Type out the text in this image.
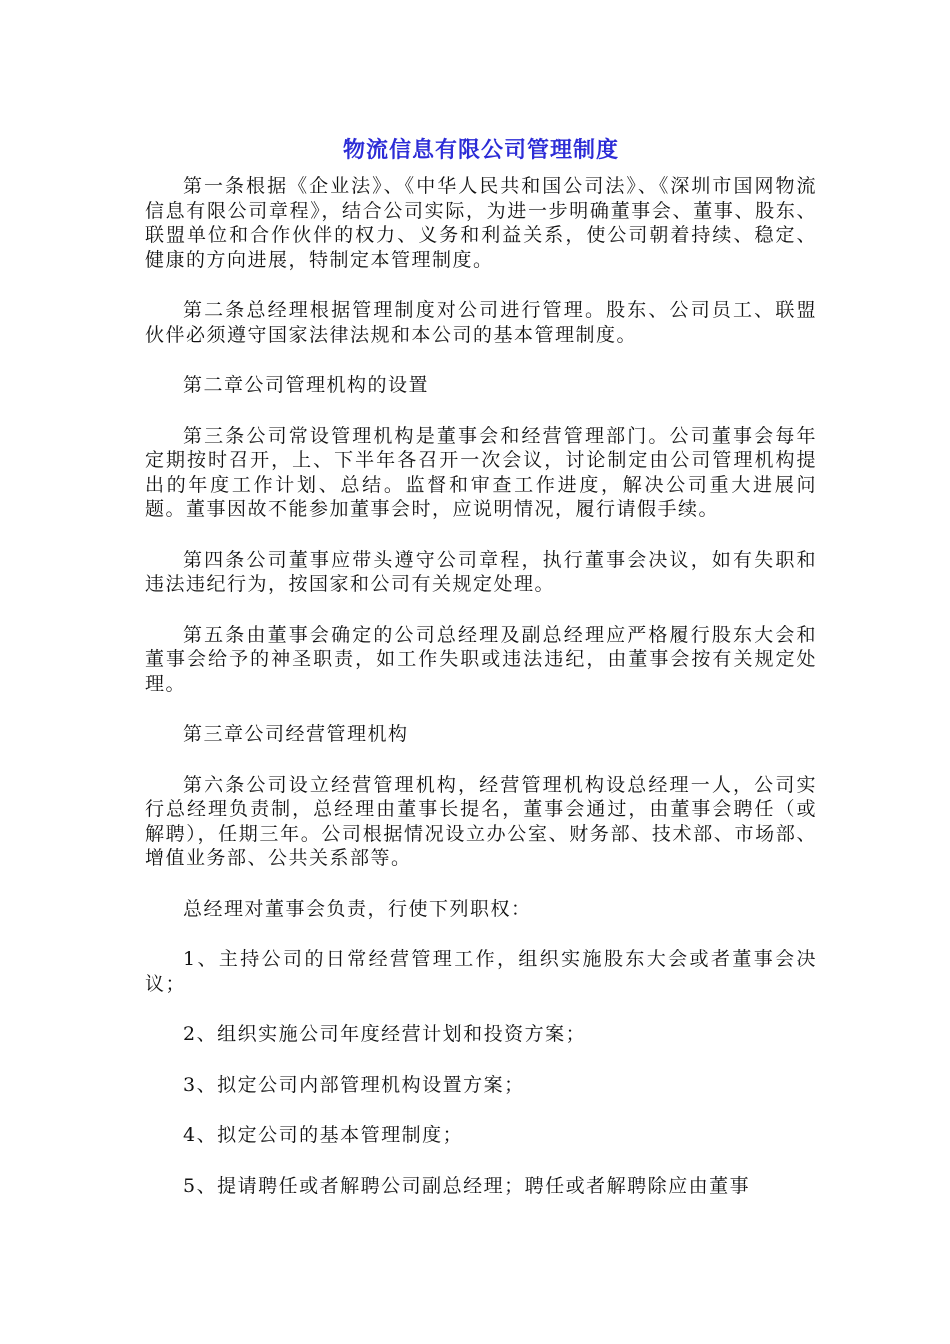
物流信息有限公司管理制度

第一条根据《企业法》、《中华人民共和国公司法》、《深圳市国网物流信息有限公司章程》，结合公司实际，为进一步明确董事会、董事、股东、联盟单位和合作伙伴的权力、义务和利益关系，使公司朝着持续、稳定、健康的方向进展，特制定本管理制度。

第二条总经理根据管理制度对公司进行管理。股东、公司员工、联盟伙伴必须遵守国家法律法规和本公司的基本管理制度。

第二章公司管理机构的设置

第三条公司常设管理机构是董事会和经营管理部门。公司董事会每年定期按时召开，上、下半年各召开一次会议，讨论制定由公司管理机构提出的年度工作计划、总结。监督和审查工作进度，解决公司重大进展问题。董事因故不能参加董事会时，应说明情况，履行请假手续。

第四条公司董事应带头遵守公司章程，执行董事会决议，如有失职和违法违纪行为，按国家和公司有关规定处理。

第五条由董事会确定的公司总经理及副总经理应严格履行股东大会和董事会给予的神圣职责，如工作失职或违法违纪，由董事会按有关规定处理。

第三章公司经营管理机构

第六条公司设立经营管理机构，经营管理机构设总经理一人，公司实行总经理负责制，总经理由董事长提名，董事会通过，由董事会聘任（或解聘），任期三年。公司根据情况设立办公室、财务部、技术部、市场部、增值业务部、公共关系部等。

总经理对董事会负责，行使下列职权：

1、主持公司的日常经营管理工作，组织实施股东大会或者董事会决议；

2、组织实施公司年度经营计划和投资方案；

3、拟定公司内部管理机构设置方案；

4、拟定公司的基本管理制度；

5、提请聘任或者解聘公司副总经理；聘任或者解聘除应由董事
